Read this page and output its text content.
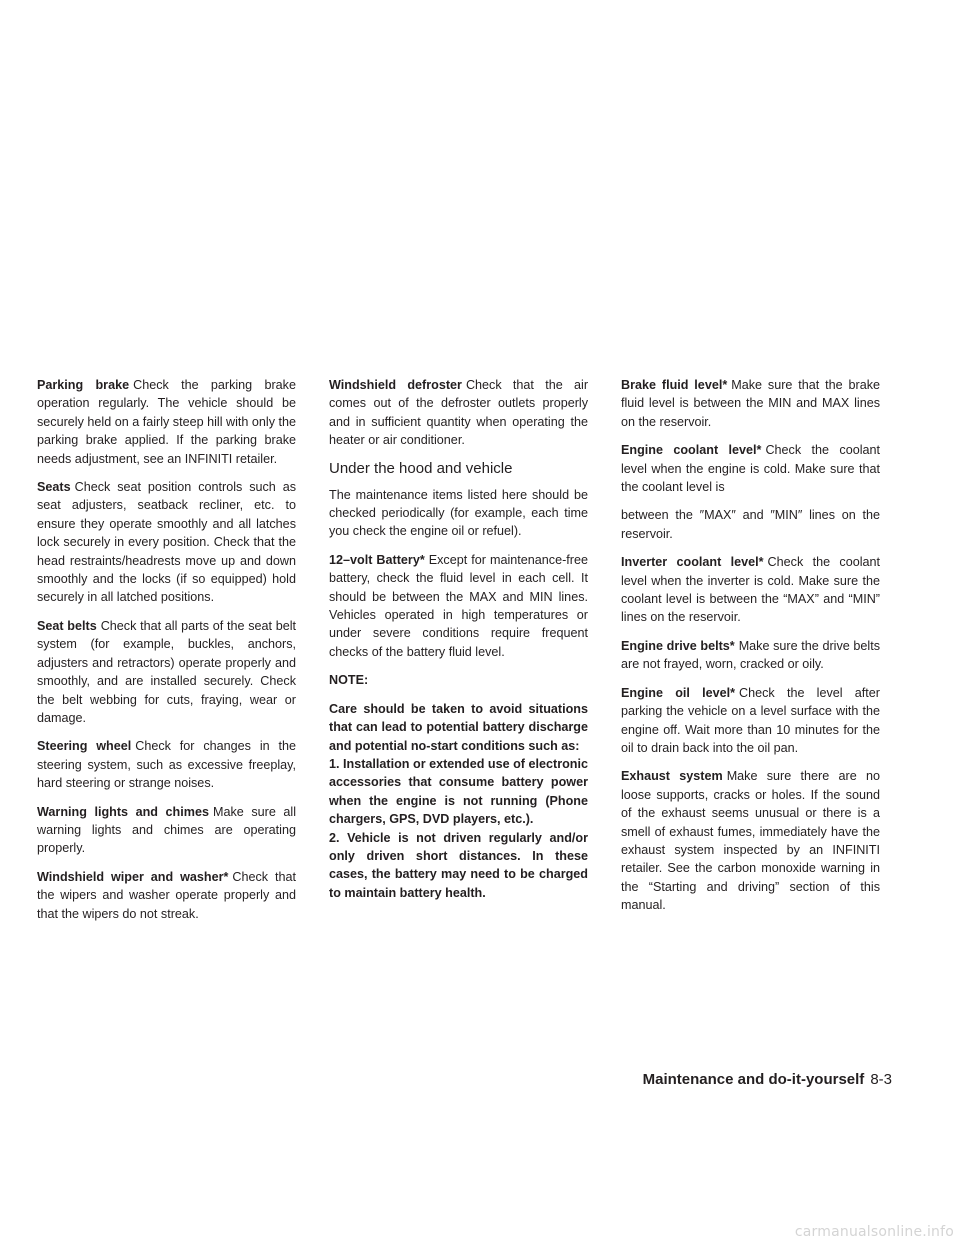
Parking brake Check the parking brake operation regularly. The vehicle should be securely held on a fairly steep hill with only the parking brake applied. If the parking brake needs adjustment, see an INFINITI retailer.

Seats Check seat position controls such as seat adjusters, seatback recliner, etc. to ensure they operate smoothly and all latches lock securely in every position. Check that the head restraints/headrests move up and down smoothly and the locks (if so equipped) hold securely in all latched positions.

Seat belts Check that all parts of the seat belt system (for example, buckles, anchors, adjusters and retractors) operate properly and smoothly, and are installed securely. Check the belt webbing for cuts, fraying, wear or damage.

Steering wheel Check for changes in the steering system, such as excessive freeplay, hard steering or strange noises.

Warning lights and chimes Make sure all warning lights and chimes are operating properly.

Windshield wiper and washer* Check that the wipers and washer operate properly and that the wipers do not streak.

Windshield defroster Check that the air comes out of the defroster outlets properly and in sufficient quantity when operating the heater or air conditioner.

Under the hood and vehicle

The maintenance items listed here should be checked periodically (for example, each time you check the engine oil or refuel).

12–volt Battery* Except for maintenance-free battery, check the fluid level in each cell. It should be between the MAX and MIN lines. Vehicles operated in high temperatures or under severe conditions require frequent checks of the battery fluid level.

NOTE:

Care should be taken to avoid situations that can lead to potential battery discharge and potential no-start conditions such as:
1. Installation or extended use of electronic accessories that consume battery power when the engine is not running (Phone chargers, GPS, DVD players, etc.).
2. Vehicle is not driven regularly and/or only driven short distances. In these cases, the battery may need to be charged to maintain battery health.

Brake fluid level* Make sure that the brake fluid level is between the MIN and MAX lines on the reservoir.

Engine coolant level* Check the coolant level when the engine is cold. Make sure that the coolant level is

between the ″MAX″ and ″MIN″ lines on the reservoir.

Inverter coolant level* Check the coolant level when the inverter is cold. Make sure the coolant level is between the “MAX” and “MIN” lines on the reservoir.

Engine drive belts* Make sure the drive belts are not frayed, worn, cracked or oily.

Engine oil level* Check the level after parking the vehicle on a level surface with the engine off. Wait more than 10 minutes for the oil to drain back into the oil pan.

Exhaust system Make sure there are no loose supports, cracks or holes. If the sound of the exhaust seems unusual or there is a smell of exhaust fumes, immediately have the exhaust system inspected by an INFINITI retailer. See the carbon monoxide warning in the “Starting and driving” section of this manual.

Maintenance and do-it-yourself 8-3
carmanualsonline.info
